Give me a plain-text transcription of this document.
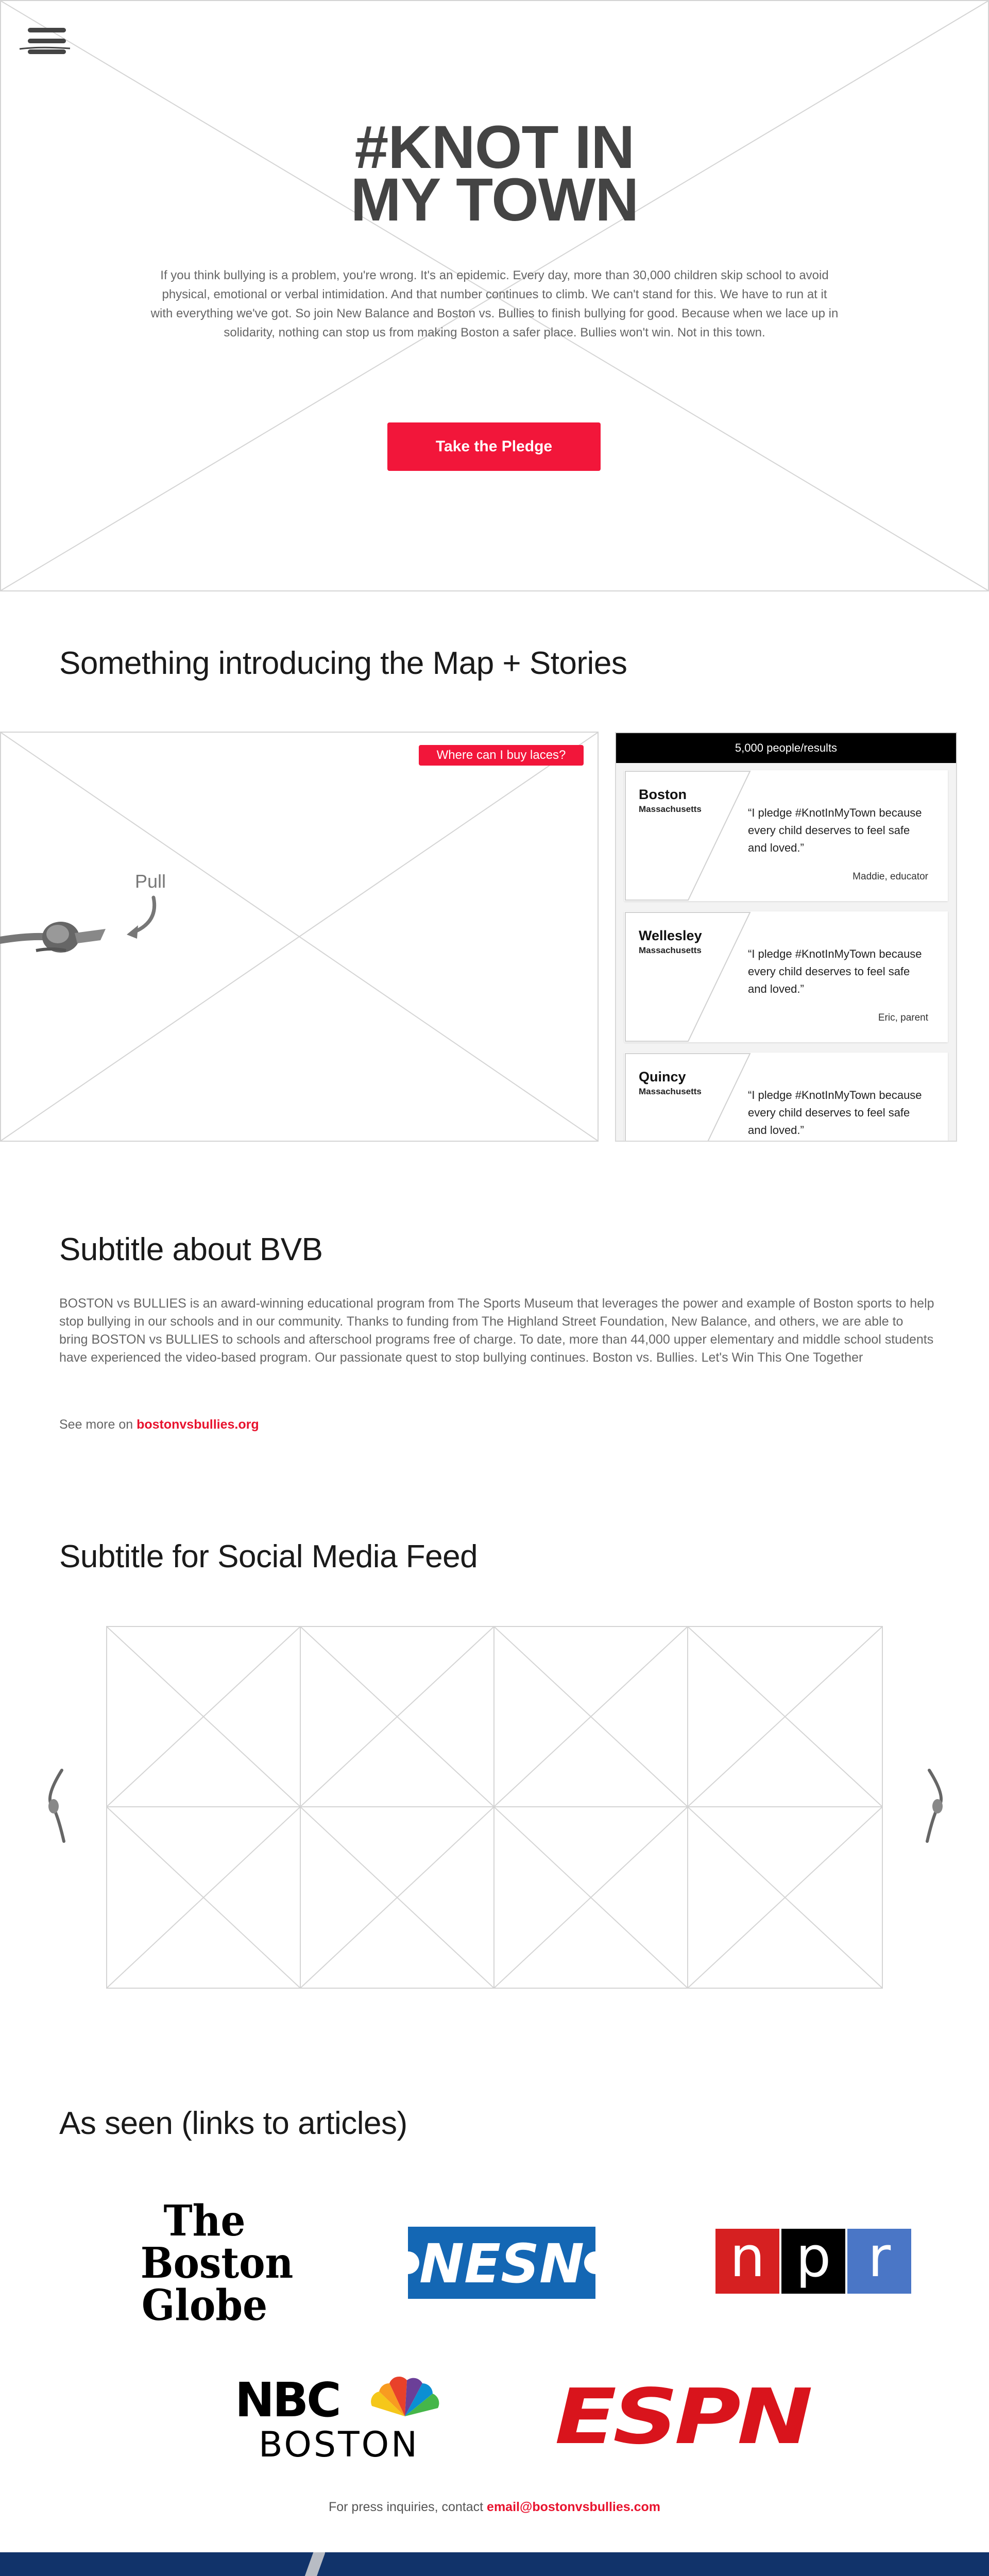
#KNOT IN
MY TOWN

If you think bullying is a problem, you're wrong. It's an epidemic. Every day, more than 30,000 children skip school to avoid physical, emotional or verbal intimidation. And that number continues to climb. We can't stand for this. We have to run at it with everything we've got. So join New Balance and Boston vs. Bullies to finish bullying for good. Because when we lace up in solidarity, nothing can stop us from making Boston a safer place. Bullies won't win. Not in this town.

Take the Pledge
Something introducing the Map + Stories
Where can I buy laces?
Pull
5,000 people/results
Boston
Massachusetts	“I pledge #KnotInMyTown because every child deserves to feel safe and loved.”
Maddie, educator
Wellesley
Massachusetts	“I pledge #KnotInMyTown because every child deserves to feel safe and loved.”
Eric, parent
Quincy
Massachusetts	“I pledge #KnotInMyTown because every child deserves to feel safe and loved.”
Subtitle about BVB

BOSTON vs BULLIES is an award-winning educational program from The Sports Museum that leverages the power and example of Boston sports to help stop bullying in our schools and in our community. Thanks to funding from The Highland Street Foundation, New Balance, and others, we are able to bring BOSTON vs BULLIES to schools and afterschool programs free of charge. To date, more than 44,000 upper elementary and middle school students have experienced the video-based program. Our passionate quest to stop bullying continues. Boston vs. Bullies. Let's Win This One Together

See more on bostonvsbullies.org
Subtitle for Social Media Feed
As seen (links to articles)
The
Boston
Globe
NESN	n p r
NBC
BOSTON ESPN
For press inquiries, contact email@bostonvsbullies.com
